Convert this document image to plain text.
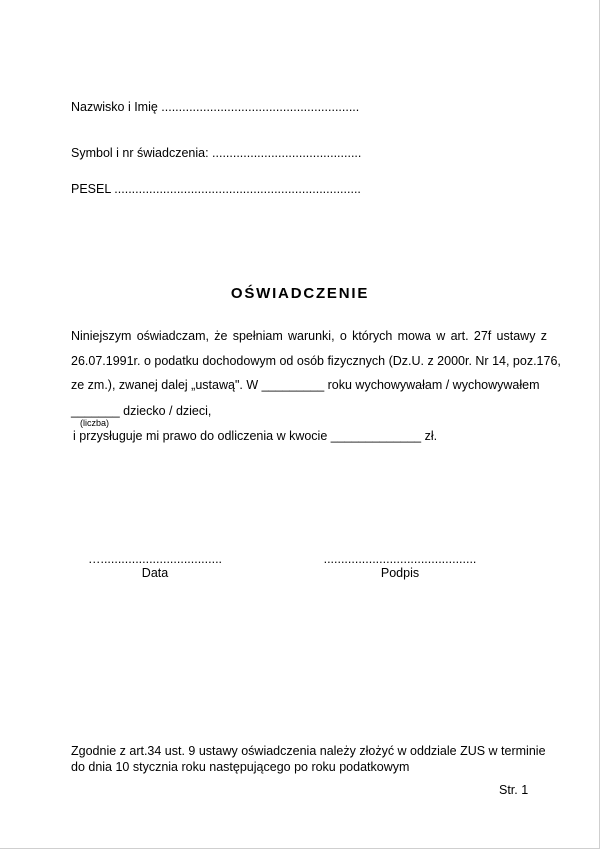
Nazwisko i Imię .........................................................
Symbol i nr świadczenia: ...........................................
PESEL .......................................................................
OŚWIADCZENIE
Niniejszym oświadczam, że spełniam warunki, o których mowa w art. 27f ustawy z
26.07.1991r. o podatku dochodowym od osób fizycznych (Dz.U. z 2000r. Nr 14, poz.176,
ze zm.), zwanej dalej „ustawą". W _________ roku wychowywałam / wychowywałem
_______ dziecko / dzieci,
(liczba)
i przysługuje mi prawo do odliczenia w kwocie _____________ zł.
…...................................
Data
............................................
Podpis
Zgodnie z art.34 ust. 9 ustawy oświadczenia należy złożyć w oddziale ZUS w terminie
do dnia 10 stycznia roku następującego po roku podatkowym
Str. 1
